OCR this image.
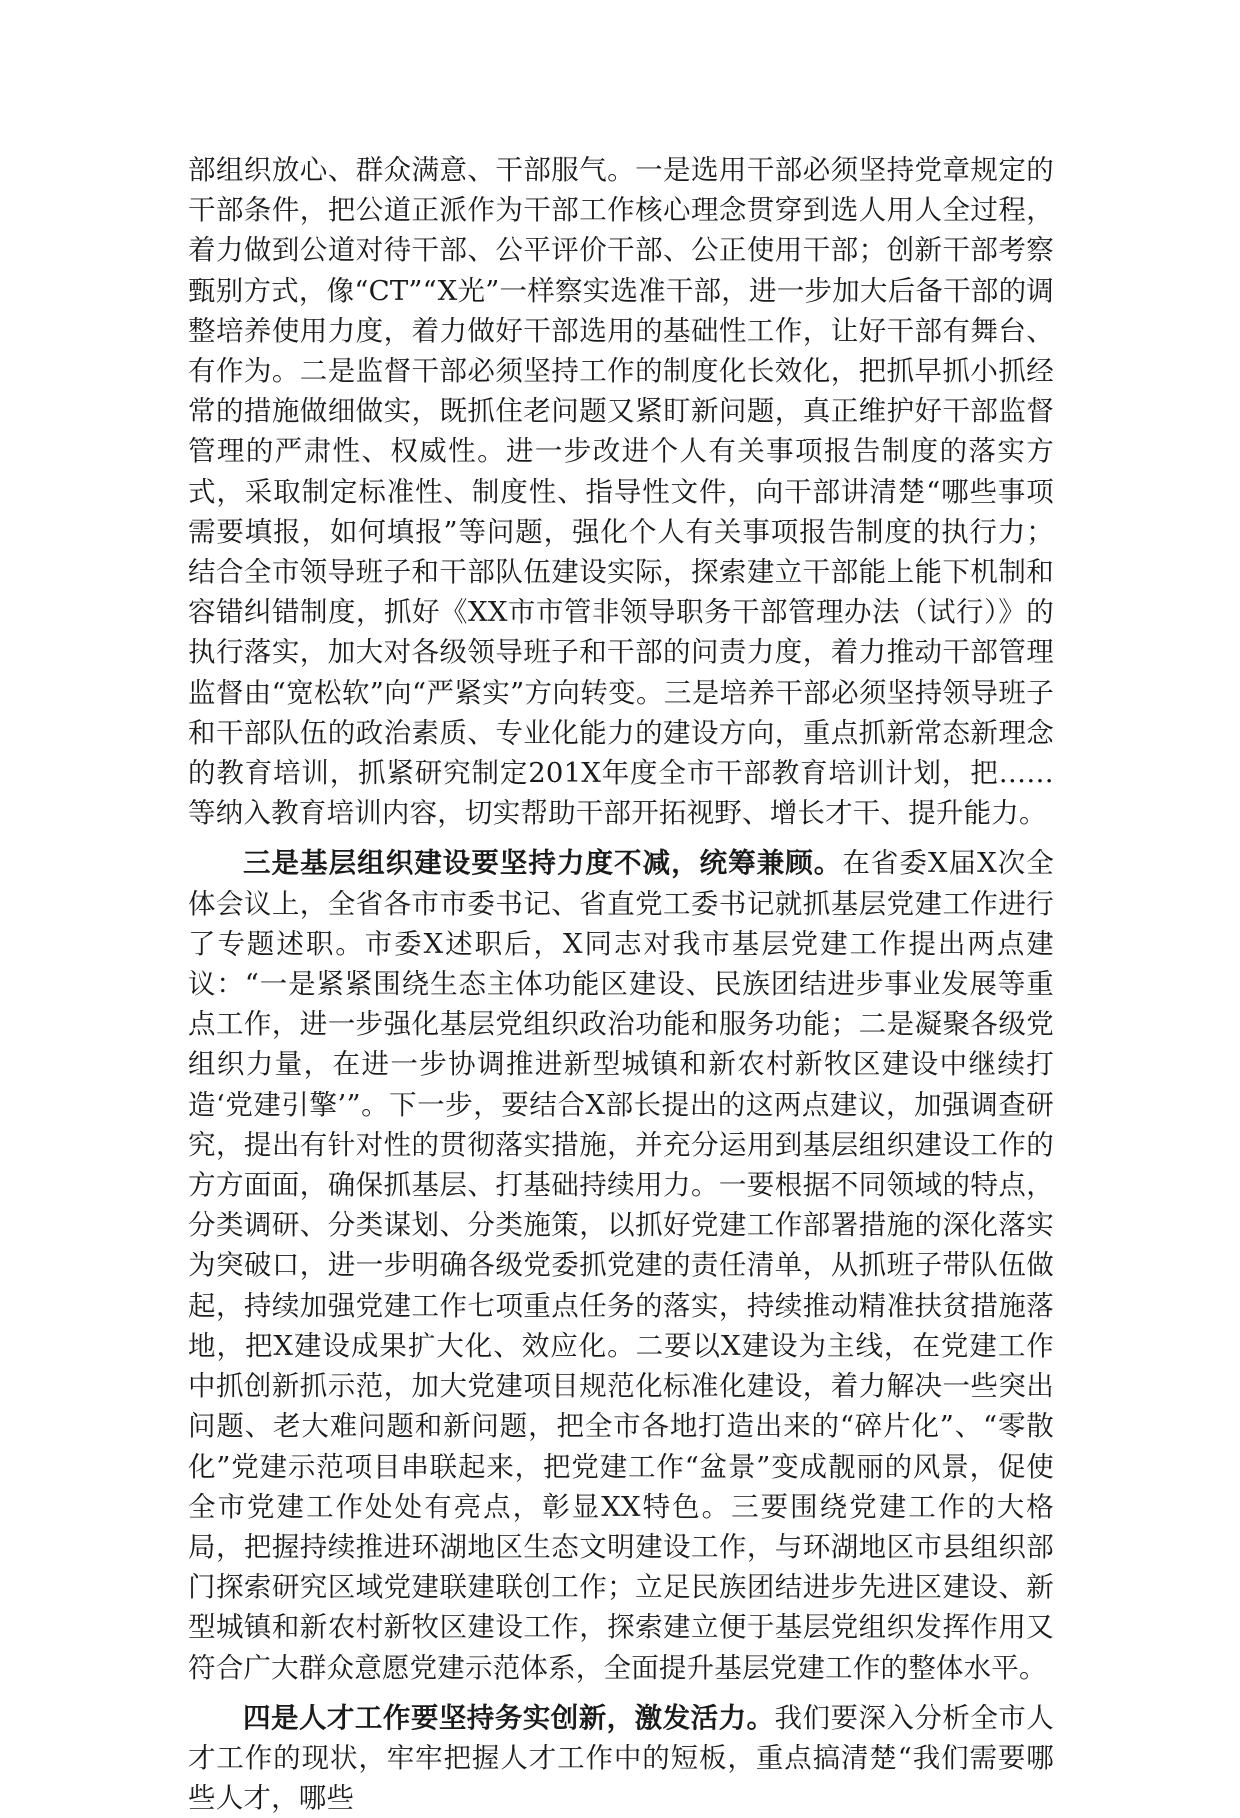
部组织放心、群众满意、干部服气。一是选用干部必须坚持党章规定的干部条件，把公道正派作为干部工作核心理念贯穿到选人用人全过程，着力做到公道对待干部、公平评价干部、公正使用干部；创新干部考察甄别方式，像“CT”“X光”一样察实选准干部，进一步加大后备干部的调整培养使用力度，着力做好干部选用的基础性工作，让好干部有舞台、有作为。二是监督干部必须坚持工作的制度化长效化，把抓早抓小抓经常的措施做细做实，既抓住老问题又紧盯新问题，真正维护好干部监督管理的严肃性、权威性。进一步改进个人有关事项报告制度的落实方式，采取制定标准性、制度性、指导性文件，向干部讲清楚“哪些事项需要填报，如何填报”等问题，强化个人有关事项报告制度的执行力；结合全市领导班子和干部队伍建设实际，探索建立干部能上能下机制和容错纠错制度，抓好《XX市市管非领导职务干部管理办法（试行）》的执行落实，加大对各级领导班子和干部的问责力度，着力推动干部管理监督由“宽松软”向“严紧实”方向转变。三是培养干部必须坚持领导班子和干部队伍的政治素质、专业化能力的建设方向，重点抓新常态新理念的教育培训，抓紧研究制定201X年度全市干部教育培训计划，把……等纳入教育培训内容，切实帮助干部开拓视野、增长才干、提升能力。

三是基层组织建设要坚持力度不减，统筹兼顾。在省委X届X次全体会议上，全省各市市委书记、省直党工委书记就抓基层党建工作进行了专题述职。市委X述职后，X同志对我市基层党建工作提出两点建议：“一是紧紧围绕生态主体功能区建设、民族团结进步事业发展等重点工作，进一步强化基层党组织政治功能和服务功能；二是凝聚各级党组织力量，在进一步协调推进新型城镇和新农村新牧区建设中继续打造‘党建引擎’”。下一步，要结合X部长提出的这两点建议，加强调查研究，提出有针对性的贯彻落实措施，并充分运用到基层组织建设工作的方方面面，确保抓基层、打基础持续用力。一要根据不同领域的特点，分类调研、分类谋划、分类施策，以抓好党建工作部署措施的深化落实为突破口，进一步明确各级党委抓党建的责任清单，从抓班子带队伍做起，持续加强党建工作七项重点任务的落实，持续推动精准扶贫措施落地，把X建设成果扩大化、效应化。二要以X建设为主线，在党建工作中抓创新抓示范，加大党建项目规范化标准化建设，着力解决一些突出问题、老大难问题和新问题，把全市各地打造出来的“碎片化”、“零散化”党建示范项目串联起来，把党建工作“盆景”变成靓丽的风景，促使全市党建工作处处有亮点，彰显XX特色。三要围绕党建工作的大格局，把握持续推进环湖地区生态文明建设工作，与环湖地区市县组织部门探索研究区域党建联建联创工作；立足民族团结进步先进区建设、新型城镇和新农村新牧区建设工作，探索建立便于基层党组织发挥作用又符合广大群众意愿党建示范体系，全面提升基层党建工作的整体水平。

四是人才工作要坚持务实创新，激发活力。我们要深入分析全市人才工作的现状，牢牢把握人才工作中的短板，重点搞清楚“我们需要哪些人才，哪些
